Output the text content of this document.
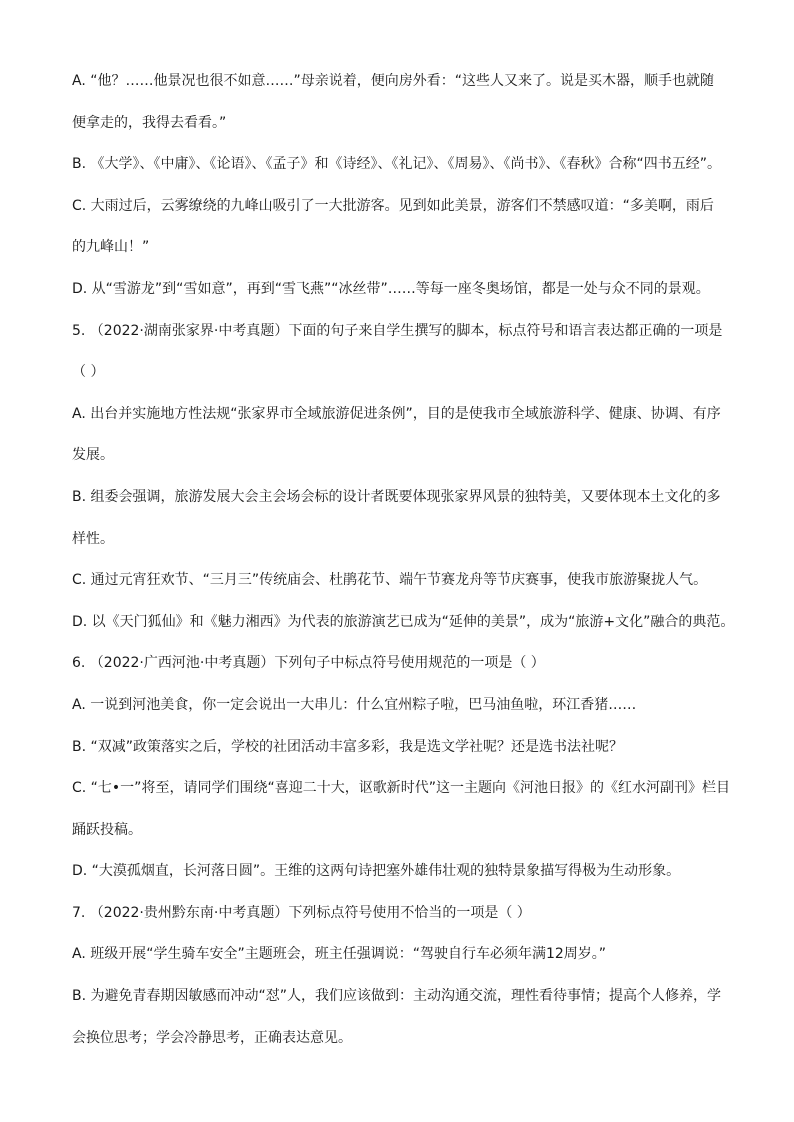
A. “他？……他景况也很不如意……”母亲说着，便向房外看：“这些人又来了。说是买木器，顺手也就随

便拿走的，我得去看看。”

B. 《大学》、《中庸》、《论语》、《孟子》和《诗经》、《礼记》、《周易》、《尚书》、《春秋》合称“四书五经”。

C. 大雨过后，云雾缭绕的九峰山吸引了一大批游客。见到如此美景，游客们不禁感叹道：“多美啊，雨后

的九峰山！”

D. 从“雪游龙”到“雪如意”，再到“雪飞燕”“冰丝带”……等每一座冬奥场馆，都是一处与众不同的景观。

5. （2022·湖南张家界·中考真题）下面的句子来自学生撰写的脚本，标点符号和语言表达都正确的一项是

（ ）

A. 出台并实施地方性法规“张家界市全域旅游促进条例”，目的是使我市全域旅游科学、健康、协调、有序

发展。

B. 组委会强调，旅游发展大会主会场会标的设计者既要体现张家界风景的独特美，又要体现本土文化的多

样性。

C. 通过元宵狂欢节、“三月三”传统庙会、杜鹃花节、端午节赛龙舟等节庆赛事，使我市旅游聚拢人气。

D. 以《天门狐仙》和《魅力湘西》为代表的旅游演艺已成为“延伸的美景”，成为“旅游+文化”融合的典范。

6. （2022·广西河池·中考真题）下列句子中标点符号使用规范的一项是（ ）

A. 一说到河池美食，你一定会说出一大串儿：什么宜州粽子啦，巴马油鱼啦，环江香猪……

B. “双减”政策落实之后，学校的社团活动丰富多彩，我是选文学社呢？还是选书法社呢？

C. “七•一”将至，请同学们围绕“喜迎二十大，讴歌新时代”这一主题向《河池日报》的《红水河副刊》栏目

踊跃投稿。

D. “大漠孤烟直，长河落日圆”。王维的这两句诗把塞外雄伟壮观的独特景象描写得极为生动形象。

7. （2022·贵州黔东南·中考真题）下列标点符号使用不恰当的一项是（ ）

A. 班级开展“学生骑车安全”主题班会，班主任强调说：“驾驶自行车必须年满12周岁。”

B. 为避免青春期因敏感而冲动“怼”人，我们应该做到：主动沟通交流，理性看待事情；提高个人修养，学

会换位思考；学会冷静思考，正确表达意见。
